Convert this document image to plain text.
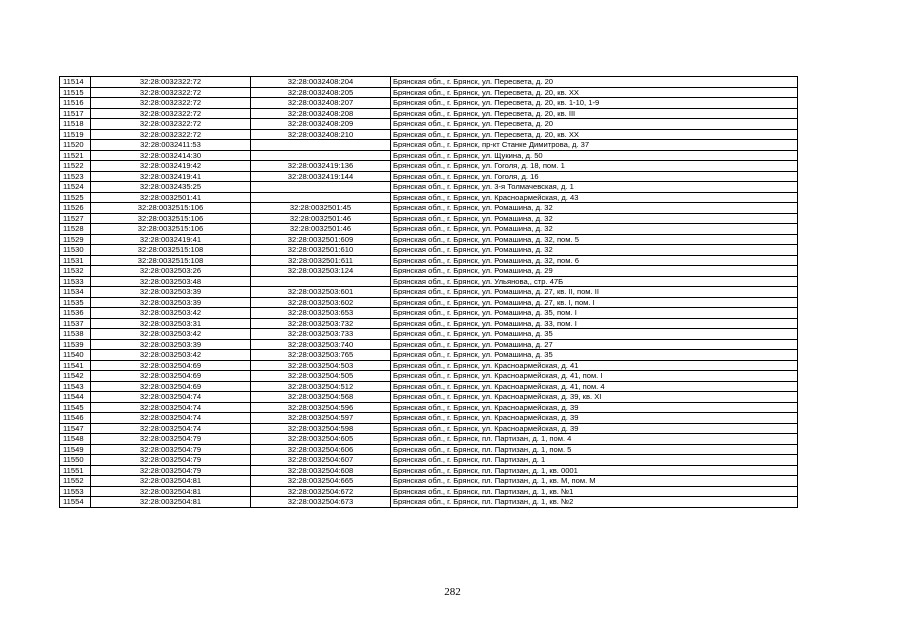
11514	32:28:0032322:72	32:28:0032408:204	Брянская обл., г. Брянск, ул. Пересвета, д. 20
11515	32:28:0032322:72	32:28:0032408:205	Брянская обл., г. Брянск, ул. Пересвета, д. 20, кв. XX
11516	32:28:0032322:72	32:28:0032408:207	Брянская обл., г. Брянск, ул. Пересвета, д. 20, кв. 1-10, 1-9
11517	32:28:0032322:72	32:28:0032408:208	Брянская обл., г. Брянск, ул. Пересвета, д. 20, кв. III
11518	32:28:0032322:72	32:28:0032408:209	Брянская обл., г. Брянск, ул. Пересвета, д. 20
11519	32:28:0032322:72	32:28:0032408:210	Брянская обл., г. Брянск, ул. Пересвета, д. 20, кв. XX
11520	32:28:0032411:53		Брянская обл., г. Брянск, пр-кт Станке Димитрова, д. 37
11521	32:28:0032414:30		Брянская обл., г. Брянск, ул. Щукина, д. 50
11522	32:28:0032419:42	32:28:0032419:136	Брянская обл., г. Брянск, ул. Гоголя, д. 18, пом. 1
11523	32:28:0032419:41	32:28:0032419:144	Брянская обл., г. Брянск, ул. Гоголя, д. 16
11524	32:28:0032435:25		Брянская обл., г. Брянск, ул. 3-я Толмачевская, д. 1
11525	32:28:0032501:41		Брянская обл., г. Брянск, ул. Красноармейская, д. 43
11526	32:28:0032515:106	32:28:0032501:45	Брянская обл., г. Брянск, ул. Ромашина, д. 32
11527	32:28:0032515:106	32:28:0032501:46	Брянская обл., г. Брянск, ул. Ромашина, д. 32
11528	32:28:0032515:106	32:28:0032501:46	Брянская обл., г. Брянск, ул. Ромашина, д. 32
11529	32:28:0032419:41	32:28:0032501:609	Брянская обл., г. Брянск, ул. Ромашина, д. 32, пом. 5
11530	32:28:0032515:108	32:28:0032501:610	Брянская обл., г. Брянск, ул. Ромашина, д. 32
11531	32:28:0032515:108	32:28:0032501:611	Брянская обл., г. Брянск, ул. Ромашина, д. 32, пом. 6
11532	32:28:0032503:26	32:28:0032503:124	Брянская обл., г. Брянск, ул. Ромашина, д. 29
11533	32:28:0032503:48		Брянская обл., г. Брянск, ул. Ульянова,, стр. 47Б
11534	32:28:0032503:39	32:28:0032503:601	Брянская обл., г. Брянск, ул. Ромашина, д. 27, кв. II, пом. II
11535	32:28:0032503:39	32:28:0032503:602	Брянская обл., г. Брянск, ул. Ромашина, д. 27, кв. I, пом. I
11536	32:28:0032503:42	32:28:0032503:653	Брянская обл., г. Брянск, ул. Ромашина, д. 35, пом. I
11537	32:28:0032503:31	32:28:0032503:732	Брянская обл., г. Брянск, ул. Ромашина, д. 33, пом. I
11538	32:28:0032503:42	32:28:0032503:733	Брянская обл., г. Брянск, ул. Ромашина, д. 35
11539	32:28:0032503:39	32:28:0032503:740	Брянская обл., г. Брянск, ул. Ромашина, д. 27
11540	32:28:0032503:42	32:28:0032503:765	Брянская обл., г. Брянск, ул. Ромашина, д. 35
11541	32:28:0032504:69	32:28:0032504:503	Брянская обл., г. Брянск, ул. Красноармейская, д. 41
11542	32:28:0032504:69	32:28:0032504:505	Брянская обл., г. Брянск, ул. Красноармейская, д. 41, пом. I
11543	32:28:0032504:69	32:28:0032504:512	Брянская обл., г. Брянск, ул. Красноармейская, д. 41, пом. 4
11544	32:28:0032504:74	32:28:0032504:568	Брянская обл., г. Брянск, ул. Красноармейская, д. 39, кв. XI
11545	32:28:0032504:74	32:28:0032504:596	Брянская обл., г. Брянск, ул. Красноармейская, д. 39
11546	32:28:0032504:74	32:28:0032504:597	Брянская обл., г. Брянск, ул. Красноармейская, д. 39
11547	32:28:0032504:74	32:28:0032504:598	Брянская обл., г. Брянск, ул. Красноармейская, д. 39
11548	32:28:0032504:79	32:28:0032504:605	Брянская обл., г. Брянск, пл. Партизан, д. 1, пом. 4
11549	32:28:0032504:79	32:28:0032504:606	Брянская обл., г. Брянск, пл. Партизан, д. 1, пом. 5
11550	32:28:0032504:79	32:28:0032504:607	Брянская обл., г. Брянск, пл. Партизан, д. 1
11551	32:28:0032504:79	32:28:0032504:608	Брянская обл., г. Брянск, пл. Партизан, д. 1, кв. 0001
11552	32:28:0032504:81	32:28:0032504:665	Брянская обл., г. Брянск, пл. Партизан, д. 1, кв. М, пом. М
11553	32:28:0032504:81	32:28:0032504:672	Брянская обл., г. Брянск, пл. Партизан, д. 1, кв. №1
11554	32:28:0032504:81	32:28:0032504:673	Брянская обл., г. Брянск, пл. Партизан, д. 1, кв. №2
282
